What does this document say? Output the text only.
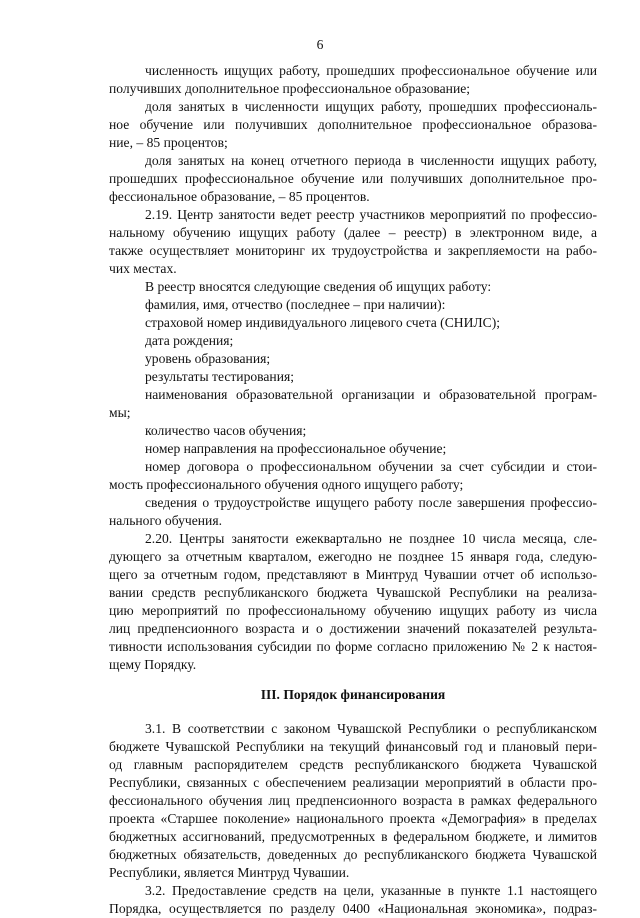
6
численность ищущих работу, прошедших профессиональное обучение или
получивших дополнительное профессиональное образование;
доля занятых в численности ищущих работу, прошедших профессиональ-
ное обучение или получивших дополнительное профессиональное образова-
ние, – 85 процентов;
доля занятых на конец отчетного периода в численности ищущих работу,
прошедших профессиональное обучение или получивших дополнительное про-
фессиональное образование, – 85 процентов.
2.19. Центр занятости ведет реестр участников мероприятий по профессио-
нальному обучению ищущих работу (далее – реестр) в электронном виде, а
также осуществляет мониторинг их трудоустройства и закрепляемости на рабо-
чих местах.
В реестр вносятся следующие сведения об ищущих работу:
фамилия, имя, отчество (последнее – при наличии):
страховой номер индивидуального лицевого счета (СНИЛС);
дата рождения;
уровень образования;
результаты тестирования;
наименования образовательной организации и образовательной програм-
мы;
количество часов обучения;
номер направления на профессиональное обучение;
номер договора о профессиональном обучении за счет субсидии и стои-
мость профессионального обучения одного ищущего работу;
сведения о трудоустройстве ищущего работу после завершения профессио-
нального обучения.
2.20. Центры занятости ежеквартально не позднее 10 числа месяца, сле-
дующего за отчетным кварталом, ежегодно не позднее 15 января года, следую-
щего за отчетным годом, представляют в Минтруд Чувашии отчет об использо-
вании средств республиканского бюджета Чувашской Республики на реализа-
цию мероприятий по профессиональному обучению ищущих работу из числа
лиц предпенсионного возраста и о достижении значений показателей результа-
тивности использования субсидии по форме согласно приложению № 2 к настоя-
щему Порядку.
III. Порядок финансирования
3.1. В соответствии с законом Чувашской Республики о республиканском
бюджете Чувашской Республики на текущий финансовый год и плановый пери-
од главным распорядителем средств республиканского бюджета Чувашской
Республики, связанных с обеспечением реализации мероприятий в области про-
фессионального обучения лиц предпенсионного возраста в рамках федерального
проекта «Старшее поколение» национального проекта «Демография» в пределах
бюджетных ассигнований, предусмотренных в федеральном бюджете, и лимитов
бюджетных обязательств, доведенных до республиканского бюджета Чувашской
Республики, является Минтруд Чувашии.
3.2. Предоставление средств на цели, указанные в пункте 1.1 настоящего
Порядка, осуществляется по разделу 0400 «Национальная экономика», подраз-
